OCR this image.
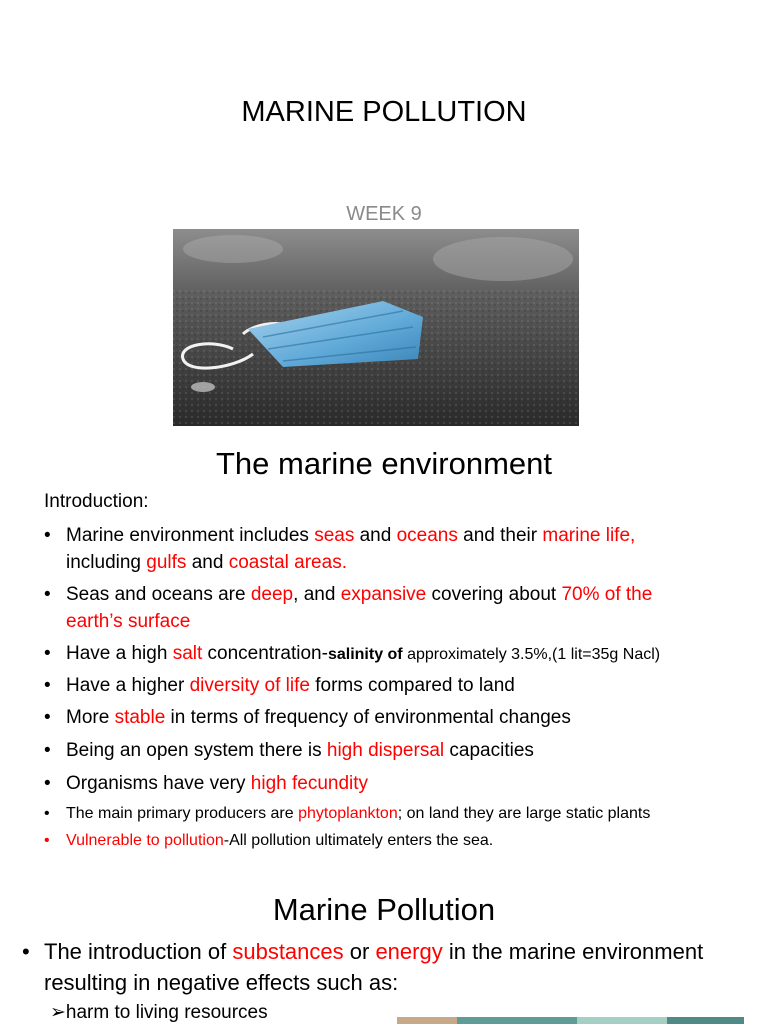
MARINE POLLUTION
WEEK 9
The marine environment
Introduction:
• Marine environment includes seas and oceans and their marine life,
including gulfs and coastal areas.
• Seas and oceans are deep, and expansive covering about 70% of the earth’s surface
• Have a high salt concentration-salinity of approximately 3.5%,(1 lit=35g Nacl)
• Have a higher diversity of life forms compared to land
• More stable in terms of frequency of environmental changes
• Being an open system there is high dispersal capacities
• Organisms have very high fecundity
• The main primary producers are phytoplankton; on land they are large static plants
• Vulnerable to pollution-All pollution ultimately enters the sea.
Marine Pollution
• The introduction of substances or energy in the marine environment resulting in negative effects such as:
➢harm to living resources
